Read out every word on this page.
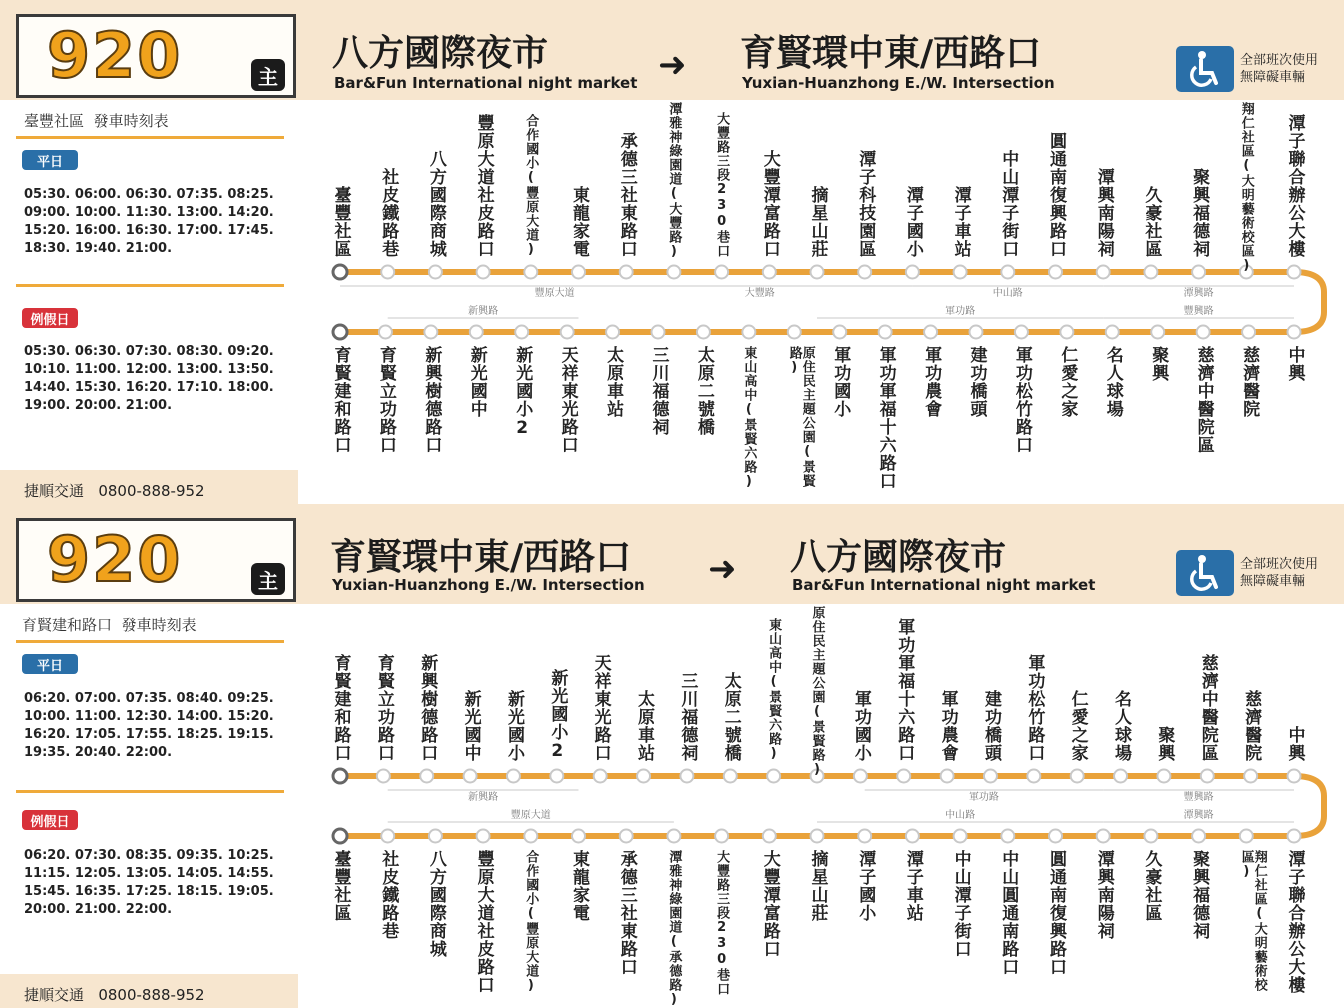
920	主
八方國際夜市
Bar&Fun International night market ➜ 育賢環中東/西路口
Yuxian-Huanzhong E./W. Intersection
全部班次使用
無障礙車輛
臺豐社區 發車時刻表
平日
05:30. 06:00. 06:30. 07:35. 08:25.
09:00. 10:00. 11:30. 13:00. 14:20.
15:20. 16:00. 16:30. 17:00. 17:45.
18:30. 19:40. 21:00.
例假日
05:30. 06:30. 07:30. 08:30. 09:20.
10:10. 11:00. 12:00. 13:00. 13:50.
14:40. 15:30. 16:20. 17:10. 18:00.
19:00. 20:00. 21:00.
捷順交通 0800-888-952
豐原大道	大豐路	中山路	潭興路
新興路	軍功路	豐興路
臺豐社區 社皮鐵路巷 八方國際商城 豐原大道社皮路口 合作國小(豐原大道) 東龍家電 承德三社東路口 潭雅神綠園道(大豐路)	大豐路三段230巷口 大豐潭富路口 摘星山莊 潭子科技園區 潭子國小 潭子車站 中山潭子街口 圓通南復興路口 潭興南陽祠 久豪社區 聚興福德祠 翔仁社區(大明藝術校區) 潭子聯合辦公大樓
育賢建和路口 育賢立功路口 新興樹德路口 新光國中 新光國小2 天祥東光路口 太原車站 三川福德祠 太原二號橋 東山高中(景賢六路)	原住民主題公園(景賢路)	軍功國小 軍功軍福十六路口 軍功農會 建功橋頭 軍功松竹路口 仁愛之家 名人球場 聚興 慈濟中醫院區 慈濟醫院 中興
920	主
育賢環中東/西路口
Yuxian-Huanzhong E./W. Intersection ➜ 八方國際夜市
Bar&Fun International night market
全部班次使用
無障礙車輛
育賢建和路口 發車時刻表
平日
06:20. 07:00. 07:35. 08:40. 09:25.
10:00. 11:00. 12:30. 14:00. 15:20.
16:20. 17:05. 17:55. 18:25. 19:15.
19:35. 20:40. 22:00.
例假日
06:20. 07:30. 08:35. 09:35. 10:25.
11:15. 12:05. 13:05. 14:05. 14:55.
15:45. 16:35. 17:25. 18:15. 19:05.
20:00. 21:00. 22:00.
捷順交通 0800-888-952
新興路	軍功路	豐興路
豐原大道	中山路	潭興路
育賢建和路口 育賢立功路口 新興樹德路口 新光國中 新光國小 新光國小2 天祥東光路口 太原車站 三川福德祠 太原二號橋 東山高中(景賢六路) 原住民主題公園(景賢路) 軍功國小 軍功軍福十六路口 軍功農會 建功橋頭 軍功松竹路口 仁愛之家 名人球場 聚興 慈濟中醫院區 慈濟醫院 中興
臺豐社區 社皮鐵路巷 八方國際商城 豐原大道社皮路口 合作國小(豐原大道) 東龍家電 承德三社東路口 潭雅神綠園道(承德路)	大豐路三段230巷口 大豐潭富路口 摘星山莊 潭子國小 潭子車站 中山潭子街口 中山圓通南路口 圓通南復興路口 潭興南陽祠 久豪社區 聚興福德祠	翔仁社區(大明藝術校區)	潭子聯合辦公大樓
